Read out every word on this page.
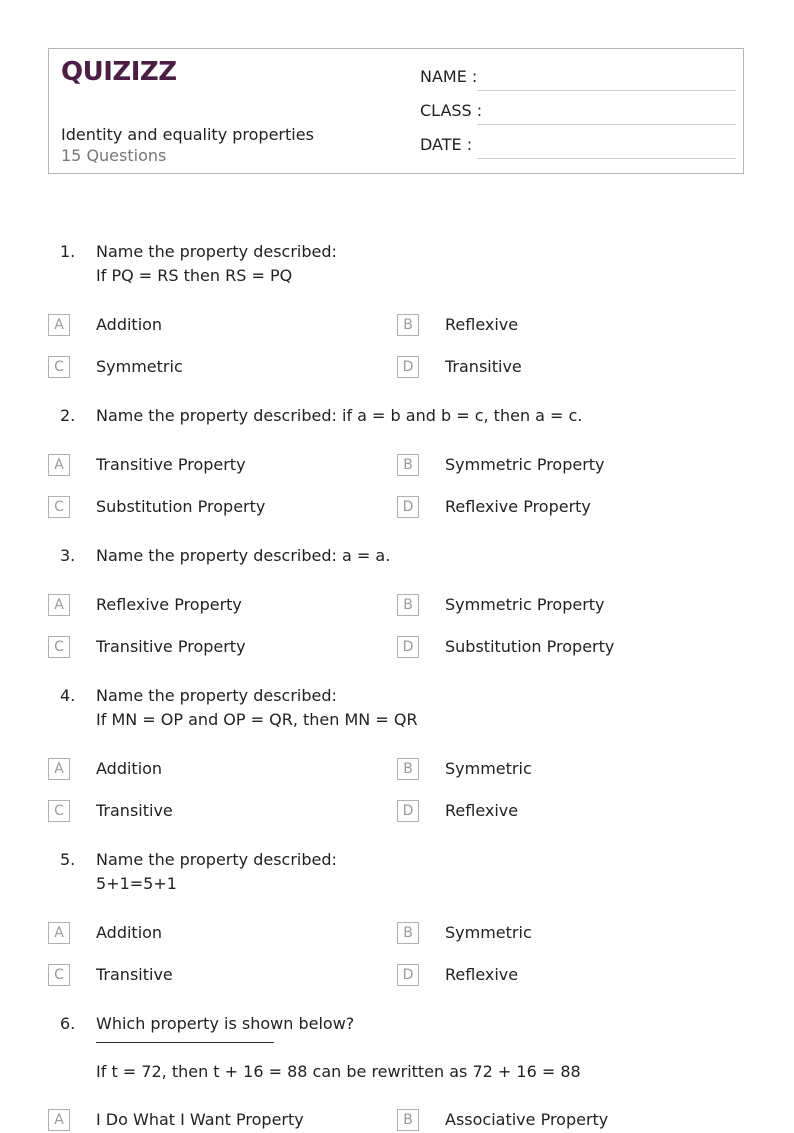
QUIZIZZ
Identity and equality properties
15 Questions
NAME :
CLASS :
DATE :
1. Name the property described:
If PQ = RS then RS = PQ
A	Addition	B	Reflexive
C	Symmetric	D	Transitive
2. Name the property described: if a = b and b = c, then a = c.
A	Transitive Property	B	Symmetric Property
C	Substitution Property	D	Reflexive Property
3. Name the property described: a = a.
A	Reflexive Property	B	Symmetric Property
C	Transitive Property	D	Substitution Property
4. Name the property described:
If MN = OP and OP = QR, then MN = QR
A	Addition	B	Symmetric
C	Transitive	D	Reflexive
5. Name the property described:
5+1=5+1
A	Addition	B	Symmetric
C	Transitive	D	Reflexive
6. Which property is shown below?
If t = 72, then t + 16 = 88 can be rewritten as 72 + 16 = 88
A	I Do What I Want Property	B	Associative Property
